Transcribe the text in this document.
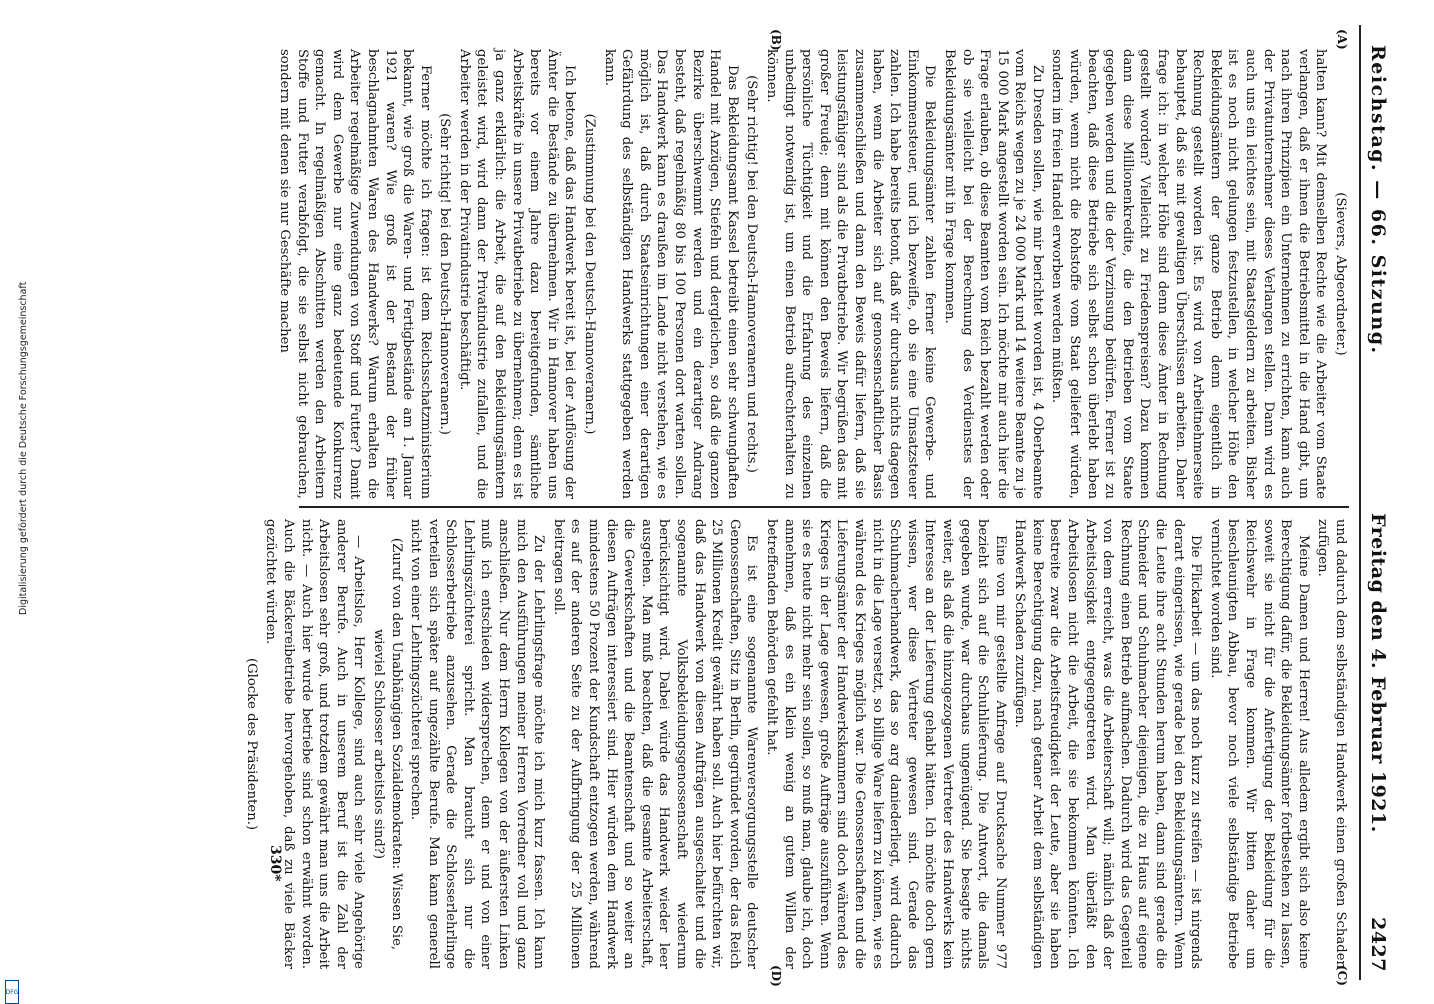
Digitalisierung gefördert durch die Deutsche Forschungsgemeinschaft
DFG
Reichstag. — 66. Sitzung.
Freitag den 4. Februar 1921.  2427
(A)
(B)
(C)
(D)

(Sievers, Abgeordneter.)

halten kann? Mit demselben Rechte wie die Arbeiter vom Staate verlangen, daß er ihnen die Betriebsmittel in die Hand gibt, um nach ihren Prinzipien ein Unternehmen zu errichten, kann auch der Privatunternehmer dieses Verlangen stellen. Dann wird es auch uns ein leichtes sein, mit Staatsgeldern zu arbeiten. Bisher ist es noch nicht gelungen festzustellen, in welcher Höhe den Bekleidungsämtern der ganze Betrieb denn eigentlich in Rechnung gestellt worden ist. Es wird von Arbeitnehmerseite behauptet, daß sie mit gewaltigen Überschüssen arbeiten. Daher frage ich: in welcher Höhe sind denn diese Ämter in Rechnung gestellt worden? Vielleicht zu Friedenspreisen? Dazu kommen dann diese Millionenkredite, die den Betrieben vom Staate gegeben werden und die der Verzinsung bedürfen. Ferner ist zu beachten, daß diese Betriebe sich selbst schon überlebt haben würden, wenn nicht die Rohstoffe vom Staat geliefert würden, sondern im freien Handel erworben werden müßten.

Zu Dresden sollen, wie mir berichtet worden ist, 4 Oberbeamte vom Reichs wegen zu je 24 000 Mark und 14 weitere Beamte zu je 15 000 Mark angestellt worden sein. Ich möchte mir auch hier die Frage erlauben, ob diese Beamten vom Reich bezahlt werden oder ob sie vielleicht bei der Berechnung des Verdienstes der Bekleidungsämter mit in Frage kommen.

Die Bekleidungsämter zahlen ferner keine Gewerbe- und Einkommensteuer, und ich bezweifle, ob sie eine Umsatzsteuer zahlen. Ich habe bereits betont, daß wir durchaus nichts dagegen haben, wenn die Arbeiter sich auf genossenschaftlicher Basis zusammenschließen und dann den Beweis dafür liefern, daß sie leistungsfähiger sind als die Privatbetriebe. Wir begrüßen das mit großer Freude; denn mit können den Beweis liefern, daß die persönliche Tüchtigkeit und die Erfahrung des einzelnen unbedingt notwendig ist, um einen Betrieb aufrechterhalten zu können.

(Sehr richtig! bei den Deutsch-Hannoveranern und rechts.)

Das Bekleidungsamt Kassel betreibt einen sehr schwunghaften Handel mit Anzügen, Stiefeln und dergleichen, so daß die ganzen Bezirke überschwemmt werden und ein derartiger Andrang besteht, daß regelmäßig 80 bis 100 Personen dort warten sollen. Das Handwerk kann es draußen im Lande nicht verstehen, wie es möglich ist, daß durch Staatseinrichtungen einer derartigen Gefährdung des selbständigen Handwerks stattgegeben werden kann.

(Zustimmung bei den Deutsch-Hannoveranern.)

Ich betone, daß das Handwerk bereit ist, bei der Auflösung der Ämter die Bestände zu übernehmen. Wir in Hannover haben uns bereits vor einem Jahre dazu bereitgefunden, sämtliche Arbeitskräfte in unsere Privatbetriebe zu übernehmen; denn es ist ja ganz erklärlich: die Arbeit, die auf den Bekleidungsämtern geleistet wird, wird dann der Privatindustrie zufallen, und die Arbeiter werden in der Privatindustrie beschäftigt.

(Sehr richtig! bei den Deutsch-Hannoveranern.)

Ferner möchte ich fragen: ist dem Reichsschatzministerium bekannt, wie groß die Waren- und Fertigbestände am 1. Januar 1921 waren? Wie groß ist der Bestand der früher beschlagnahmten Waren des Handwerks? Warum erhalten die Arbeiter regelmäßige Zuwendungen von Stoff und Futter? Damit wird dem Gewerbe nur eine ganz bedeutende Konkurrenz gemacht. In regelmäßigen Abschnitten werden den Arbeitern Stoffe und Futter verabfolgt, die sie selbst nicht gebrauchen, sondern mit denen sie nur Geschäfte machen

und dadurch dem selbständigen Handwerk einen großen Schaden zufügen.

Meine Damen und Herren! Aus alledem ergibt sich also keine Berechtigung dafür, die Bekleidungsämter fortbestehen zu lassen, soweit sie nicht für die Anfertigung der Bekleidung für die Reichswehr in Frage kommen. Wir bitten daher um beschleunigten Abbau, bevor noch viele selbständige Betriebe vernichtet worden sind.

Die Flickarbeit — um das noch kurz zu streifen — ist nirgends derart eingerissen, wie gerade bei den Bekleidungsämtern. Wenn die Leute ihre acht Stunden herum haben, dann sind gerade die Schneider und Schuhmacher diejenigen, die zu Haus auf eigene Rechnung einen Betrieb aufmachen. Dadurch wird das Gegenteil von dem erreicht, was die Arbeiterschaft will; nämlich daß der Arbeitslosigkeit entgegengetreten wird. Man überläßt den Arbeitslosen nicht die Arbeit, die sie bekommen könnten. Ich bestreite zwar die Arbeitsfreudigkeit der Leute, aber sie haben keine Berechtigung dazu, nach getaner Arbeit dem selbständigen Handwerk Schaden zuzufügen.

Eine von mir gestellte Anfrage auf Drucksache Nummer 977 bezieht sich auf die Schuhlieferung. Die Antwort, die damals gegeben wurde, war durchaus ungenügend. Sie besagte nichts weiter, als daß die hinzugezogenen Vertreter des Handwerks kein Interesse an der Lieferung gehabt hätten. Ich möchte doch gern wissen, wer diese Vertreter gewesen sind. Gerade das Schuhmacherhandwerk, das so arg daniederliegt, wird dadurch nicht in die Lage versetzt, so billige Ware liefern zu können, wie es während des Krieges möglich war. Die Genossenschaften und die Lieferungsämter der Handwerkskammern sind doch während des Krieges in der Lage gewesen, große Aufträge auszuführen. Wenn sie es heute nicht mehr sein sollen, so muß man, glaube ich, doch annehmen, daß es ein klein wenig an gutem Willen der betreffenden Behörden gefehlt hat.

Es ist eine sogenannte Warenversorgungsstelle deutscher Genossenschaften, Sitz in Berlin, gegründet worden, der das Reich 25 Millionen Kredit gewährt haben soll. Auch hier befürchten wir, daß das Handwerk von diesen Aufträgen ausgeschaltet und die sogenannte Volksbekleidungsgenossenschaft wiederum berücksichtigt wird. Dabei würde das Handwerk wieder leer ausgehen. Man muß beachten, daß die gesamte Arbeiterschaft, die Gewerkschaften und die Beamtenschaft und so weiter an diesen Aufträgen interessiert sind. Hier würden dem Handwerk mindestens 50 Prozent der Kundschaft entzogen werden, während es auf der anderen Seite zu der Aufbringung der 25 Millionen beitragen soll.

Zu der Lehrlingsfrage möchte ich mich kurz fassen. Ich kann mich den Ausführungen meiner Herren Vorredner voll und ganz anschließen. Nur dem Herrn Kollegen von der äußersten Linken muß ich entschieden widersprechen, denn er und von einer Lehrlingszüchterei spricht. Man braucht sich nur die Schlosserbetriebe anzusehen. Gerade die Schlosserlehrlinge verteilen sich später auf ungezählte Berufe. Man kann generell nicht von einer Lehrlingszüchterei sprechen.

(Zuruf von den Unabhängigen Sozialdemokraten: Wissen Sie, wieviel Schlosser arbeitslos sind?)

— Arbeitslos, Herr Kollege, sind auch sehr viele Angehörige anderer Berufe. Auch in unserem Beruf ist die Zahl der Arbeitslosen sehr groß, und trotzdem gewährt man uns die Arbeit nicht. — Auch hier wurde betriebe sind schon erwähnt worden. Auch die Bäckereibetriebe hervorgehoben, daß zu viele Bäcker gezüchtet würden.

(Glocke des Präsidenten.)

330*
